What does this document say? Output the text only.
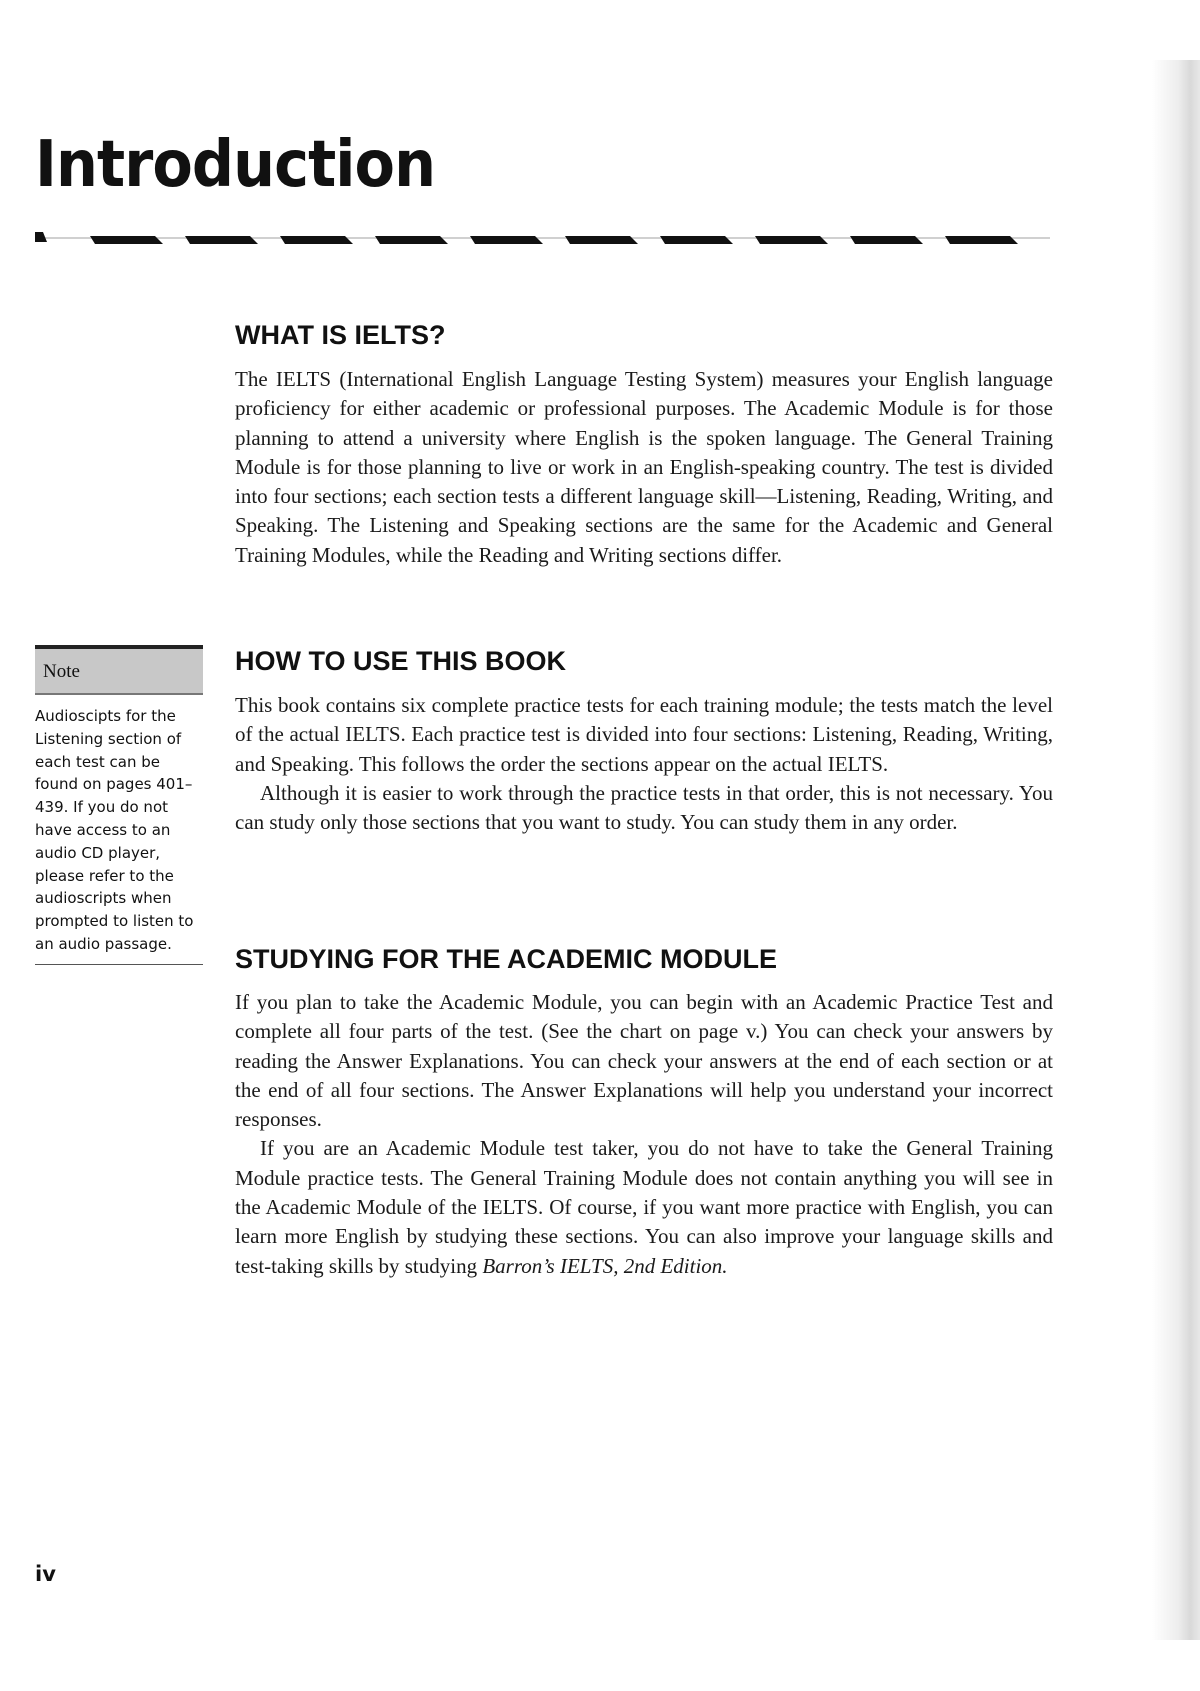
Introduction
WHAT IS IELTS?

The IELTS (International English Language Testing System) measures your English language proficiency for either academic or professional purposes. The Academic Module is for those planning to attend a university where English is the spoken language. The General Training Module is for those planning to live or work in an English-speaking country. The test is divided into four sections; each section tests a different language skill—Listening, Reading, Writing, and Speaking. The Listening and Speaking sections are the same for the Academic and General Training Modules, while the Reading and Writing sections differ.

HOW TO USE THIS BOOK

This book contains six complete practice tests for each training module; the tests match the level of the actual IELTS. Each practice test is divided into four sections: Listening, Reading, Writing, and Speaking. This follows the order the sections appear on the actual IELTS.

Although it is easier to work through the practice tests in that order, this is not necessary. You can study only those sections that you want to study. You can study them in any order.

STUDYING FOR THE ACADEMIC MODULE

If you plan to take the Academic Module, you can begin with an Academic Practice Test and complete all four parts of the test. (See the chart on page v.) You can check your answers by reading the Answer Explanations. You can check your answers at the end of each section or at the end of all four sections. The Answer Explanations will help you understand your incorrect responses.

If you are an Academic Module test taker, you do not have to take the General Training Module practice tests. The General Training Module does not contain anything you will see in the Academic Module of the IELTS. Of course, if you want more practice with English, you can learn more English by studying these sections. You can also improve your language skills and test-taking skills by studying Barron’s IELTS, 2nd Edition.

Note
Audioscipts for the Listening section of each test can be found on pages 401–439. If you do not have access to an audio CD player, please refer to the audioscripts when prompted to listen to an audio passage.
iv
